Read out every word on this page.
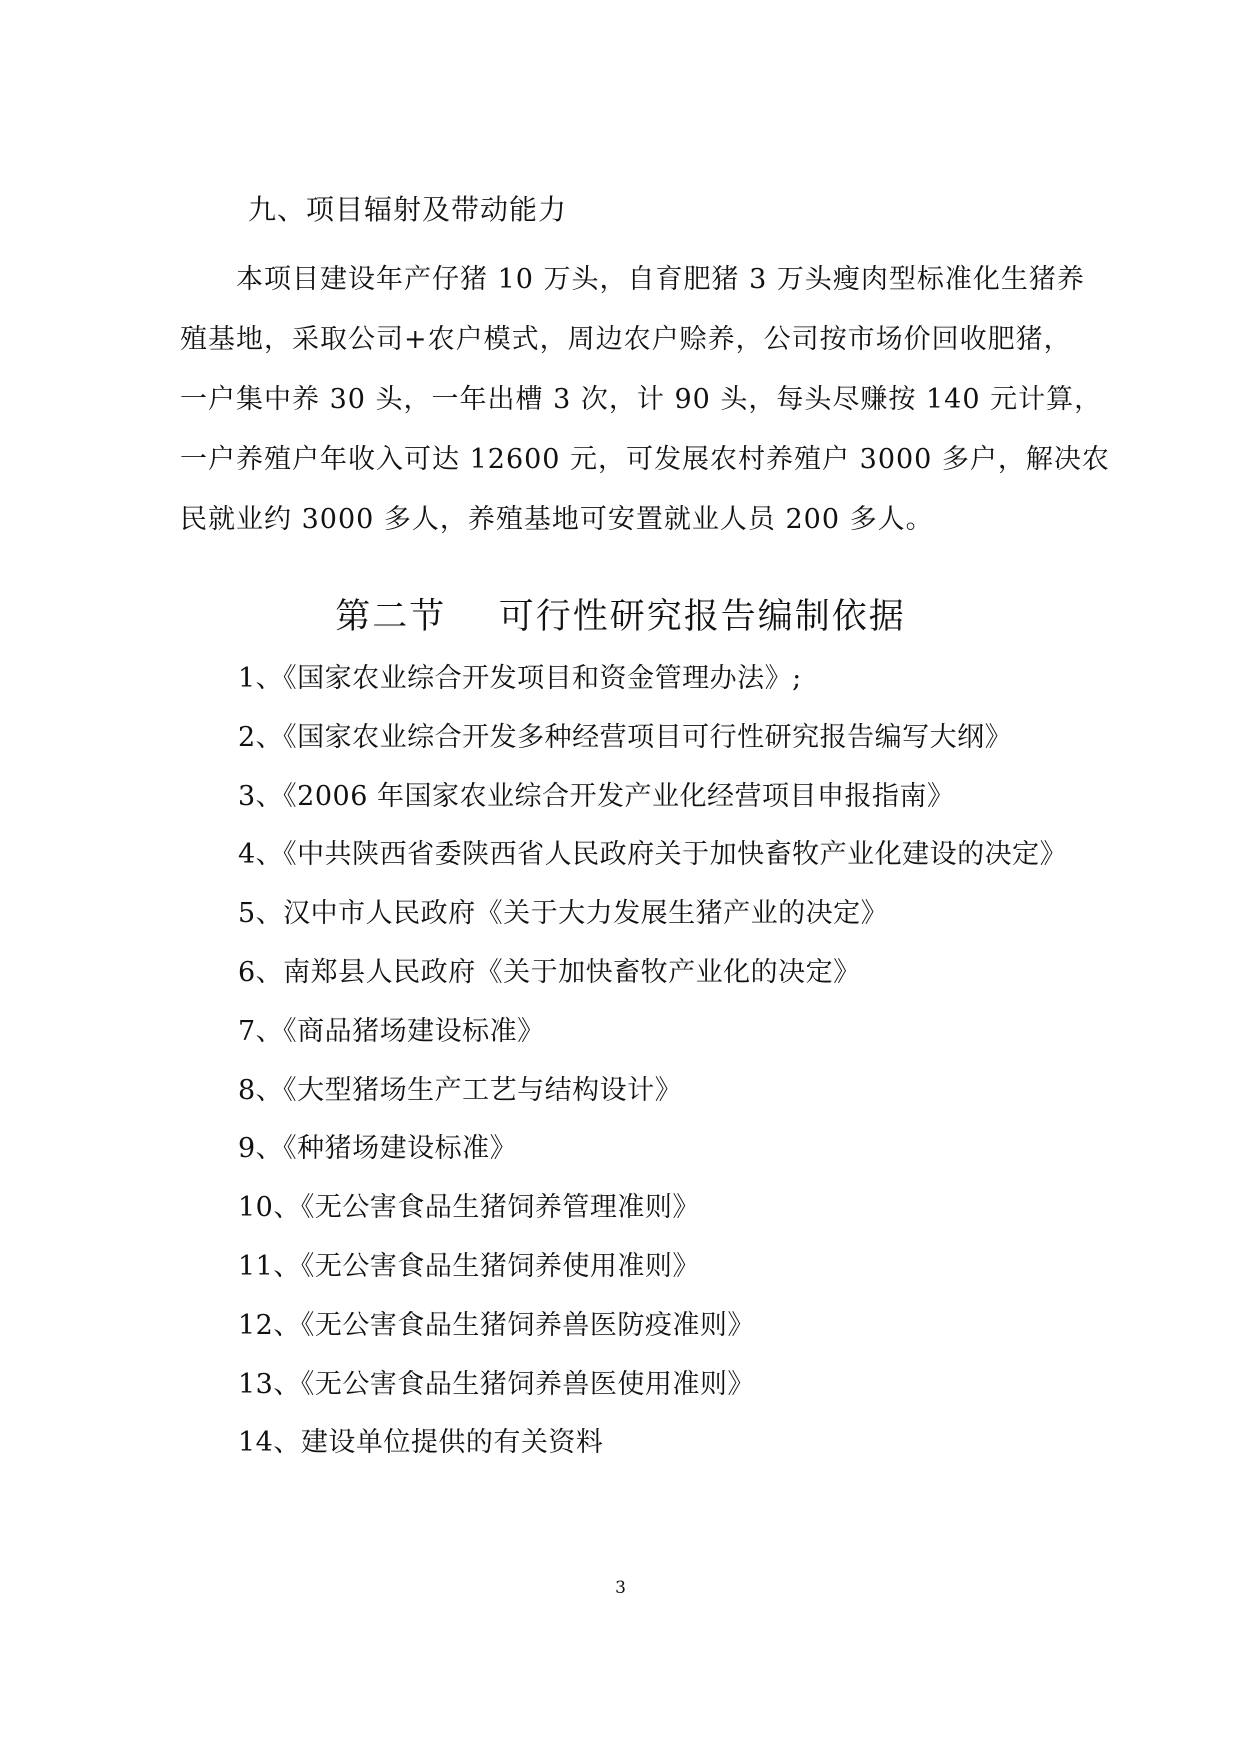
九、项目辐射及带动能力
本项目建设年产仔猪 10 万头，自育肥猪 3 万头瘦肉型标准化生猪养
殖基地，采取公司+农户模式，周边农户赊养，公司按市场价回收肥猪，
一户集中养 30 头，一年出槽 3 次，计 90 头，每头尽赚按 140 元计算，
一户养殖户年收入可达 12600 元，可发展农村养殖户 3000 多户，解决农
民就业约 3000 多人，养殖基地可安置就业人员 200 多人。
第二节    可行性研究报告编制依据
1、《国家农业综合开发项目和资金管理办法》;
2、《国家农业综合开发多种经营项目可行性研究报告编写大纲》
3、《2006 年国家农业综合开发产业化经营项目申报指南》
4、《中共陕西省委陕西省人民政府关于加快畜牧产业化建设的决定》
5、汉中市人民政府《关于大力发展生猪产业的决定》
6、南郑县人民政府《关于加快畜牧产业化的决定》
7、《商品猪场建设标准》
8、《大型猪场生产工艺与结构设计》
9、《种猪场建设标准》
10、《无公害食品生猪饲养管理准则》
11、《无公害食品生猪饲养使用准则》
12、《无公害食品生猪饲养兽医防疫准则》
13、《无公害食品生猪饲养兽医使用准则》
14、建设单位提供的有关资料
3
